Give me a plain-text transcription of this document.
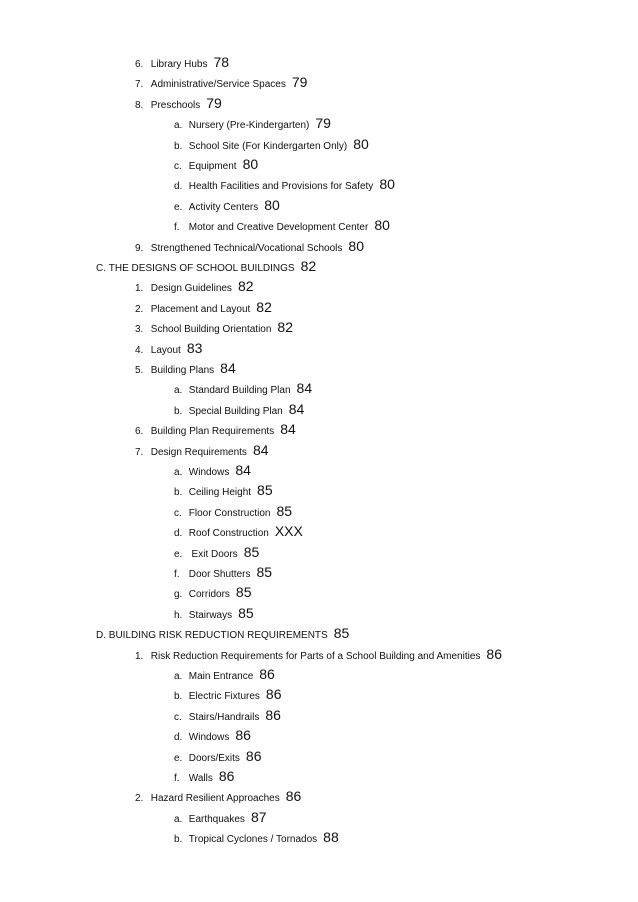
6. Library Hubs 78
7. Administrative/Service Spaces 79
8. Preschools 79
a. Nursery (Pre-Kindergarten) 79
b. School Site (For Kindergarten Only) 80
c. Equipment 80
d. Health Facilities and Provisions for Safety 80
e. Activity Centers 80
f. Motor and Creative Development Center 80
9. Strengthened Technical/Vocational Schools 80
C. THE DESIGNS OF SCHOOL BUILDINGS 82
1. Design Guidelines 82
2. Placement and Layout 82
3. School Building Orientation 82
4. Layout 83
5. Building Plans 84
a. Standard Building Plan 84
b. Special Building Plan 84
6. Building Plan Requirements 84
7. Design Requirements 84
a. Windows 84
b. Ceiling Height 85
c. Floor Construction 85
d. Roof Construction XXX
e. Exit Doors 85
f. Door Shutters 85
g. Corridors 85
h. Stairways 85
D. BUILDING RISK REDUCTION REQUIREMENTS 85
1. Risk Reduction Requirements for Parts of a School Building and Amenities 86
a. Main Entrance 86
b. Electric Fixtures 86
c. Stairs/Handrails 86
d. Windows 86
e. Doors/Exits 86
f. Walls 86
2. Hazard Resilient Approaches 86
a. Earthquakes 87
b. Tropical Cyclones / Tornados 88
